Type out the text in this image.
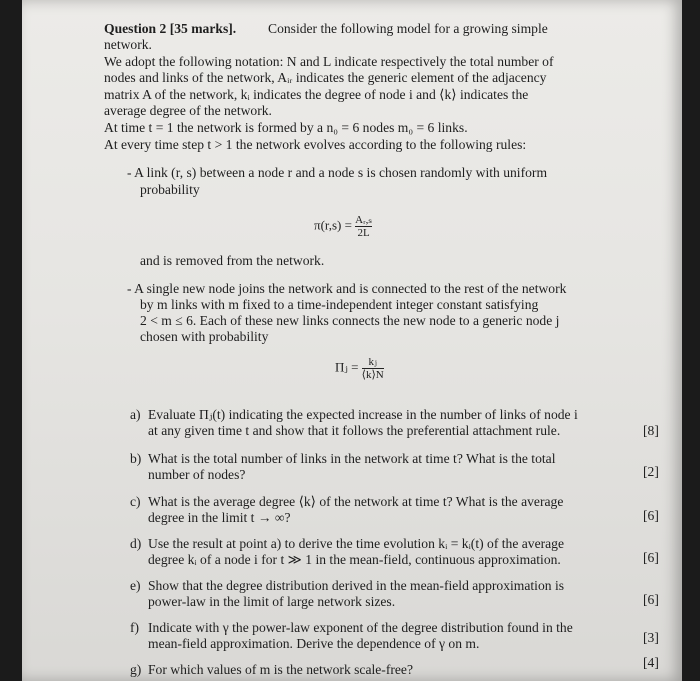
Question 2 [35 marks]. Consider the following model for a growing simple
network.
We adopt the following notation: N and L indicate respectively the total number of
nodes and links of the network, Aᵢᵣ indicates the generic element of the adjacency
matrix A of the network, kᵢ indicates the degree of node i and ⟨k⟩ indicates the
average degree of the network.
At time t = 1 the network is formed by a n₀ = 6 nodes m₀ = 6 links.
At every time step t > 1 the network evolves according to the following rules:
- A link (r, s) between a node r and a node s is chosen randomly with uniform
probability
$\pi(r,s) = \frac{\text{Aᵣ,ₛ}}{2L}$
and is removed from the network.
- A single new node joins the network and is connected to the rest of the network
by m links with m fixed to a time-independent integer constant satisfying
2 < m ≤ 6. Each of these new links connects the new node to a generic node j
chosen with probability
Πⱼ = $\frac{\text{kⱼ}}{⟨k⟩N}$
a) Evaluate Πⱼ(t) indicating the expected increase in the number of links of node i
at any given time t and show that it follows the preferential attachment rule.	[8]
b) What is the total number of links in the network at time t? What is the total
number of nodes?	[2]
c) What is the average degree ⟨k⟩ of the network at time t? What is the average
degree in the limit t → ∞?	[6]
d) Use the result at point a) to derive the time evolution kᵢ = kᵢ(t) of the average
degree kᵢ of a node i for t ≫ 1 in the mean-field, continuous approximation.	[6]
e) Show that the degree distribution derived in the mean-field approximation is
power-law in the limit of large network sizes.	[6]
f) Indicate with γ the power-law exponent of the degree distribution found in the
mean-field approximation. Derive the dependence of γ on m.	[3]
g) For which values of m is the network scale-free?	[4]
